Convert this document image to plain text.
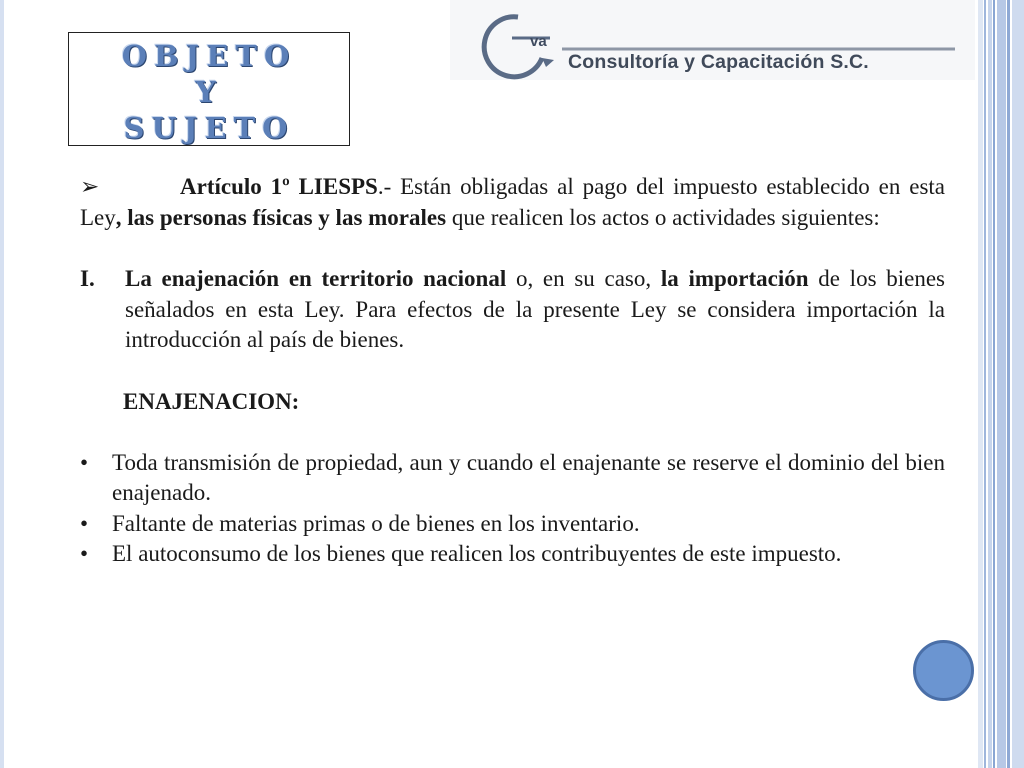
OBJETO
Y
SUJETO
va
Consultoría y Capacitación S.C.

➢	Artículo 1º LIESPS.- Están obligadas al pago del impuesto establecido en esta Ley, las personas físicas y las morales que realicen los actos o actividades siguientes:

I. La enajenación en territorio nacional o, en su caso, la importación de los bienes señalados en esta Ley. Para efectos de la presente Ley se considera importación la introducción al país de bienes.

ENAJENACION:
• Toda transmisión de propiedad, aun y cuando el enajenante se reserve el dominio del bien enajenado.

• Faltante de materias primas o de bienes en los inventario.

• El autoconsumo de los bienes que realicen los contribuyentes de este impuesto.
